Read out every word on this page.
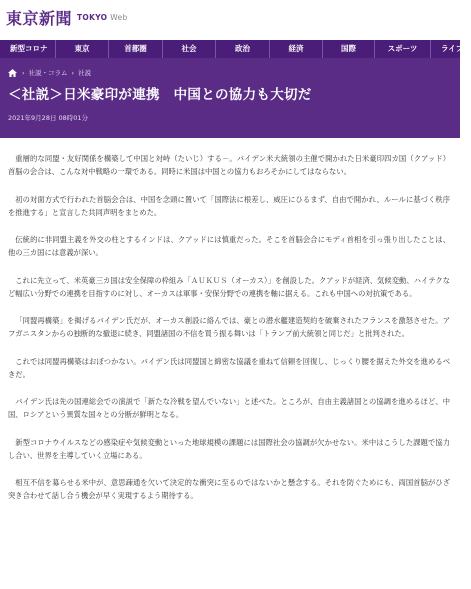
東京新聞 TOKYO Web
新型コロナ	東京	首都圏	社会	政治	経済	国際	スポーツ	ライフ
› 社説・コラム › 社説
＜社説＞日米豪印が連携　中国との協力も大切だ
2021年9月28日 08時01分

重層的な同盟・友好関係を構築して中国と対峙（たいじ）する－。バイデン米大統領の主催で開かれた日米豪印四カ国（クアッド）首脳の会合は、こんな対中戦略の一環である。同時に米国は中国との協力もおろそかにしてはならない。

初の対面方式で行われた首脳会合は、中国を念頭に置いて「国際法に根差し、威圧にひるまず、自由で開かれ、ルールに基づく秩序を推進する」と宣言した共同声明をまとめた。

伝統的に非同盟主義を外交の柱とするインドは、クアッドには慎重だった。そこを首脳会合にモディ首相を引っ張り出したことは、他の三カ国には意義が深い。

これに先立って、米英豪三カ国は安全保障の枠組み「ＡＵＫＵＳ（オーカス）」を創設した。クアッドが経済、気候変動、ハイテクなど幅広い分野での連携を目指すのに対し、オーカスは軍事・安保分野での連携を軸に据える。これも中国への対抗策である。

「同盟再構築」を掲げるバイデン氏だが、オーカス創設に絡んでは、豪との潜水艦建造契約を破棄されたフランスを激怒させた。アフガニスタンからの独断的な撤退に続き、同盟諸国の不信を買う振る舞いは「トランプ前大統領と同じだ」と批判された。

これでは同盟再構築はおぼつかない。バイデン氏は同盟国と綿密な協議を重ねて信頼を回復し、じっくり腰を据えた外交を進めるべきだ。

バイデン氏は先の国連総会での演説で「新たな冷戦を望んでいない」と述べた。ところが、自由主義諸国との協調を進めるほど、中国、ロシアという異質な国々との分断が鮮明となる。

新型コロナウイルスなどの感染症や気候変動といった地球規模の課題には国際社会の協調が欠かせない。米中はこうした課題で協力し合い、世界を主導していく立場にある。

相互不信を募らせる米中が、意思疎通を欠いて決定的な衝突に至るのではないかと懸念する。それを防ぐためにも、両国首脳がひざ突き合わせて話し合う機会が早く実現するよう期待する。
